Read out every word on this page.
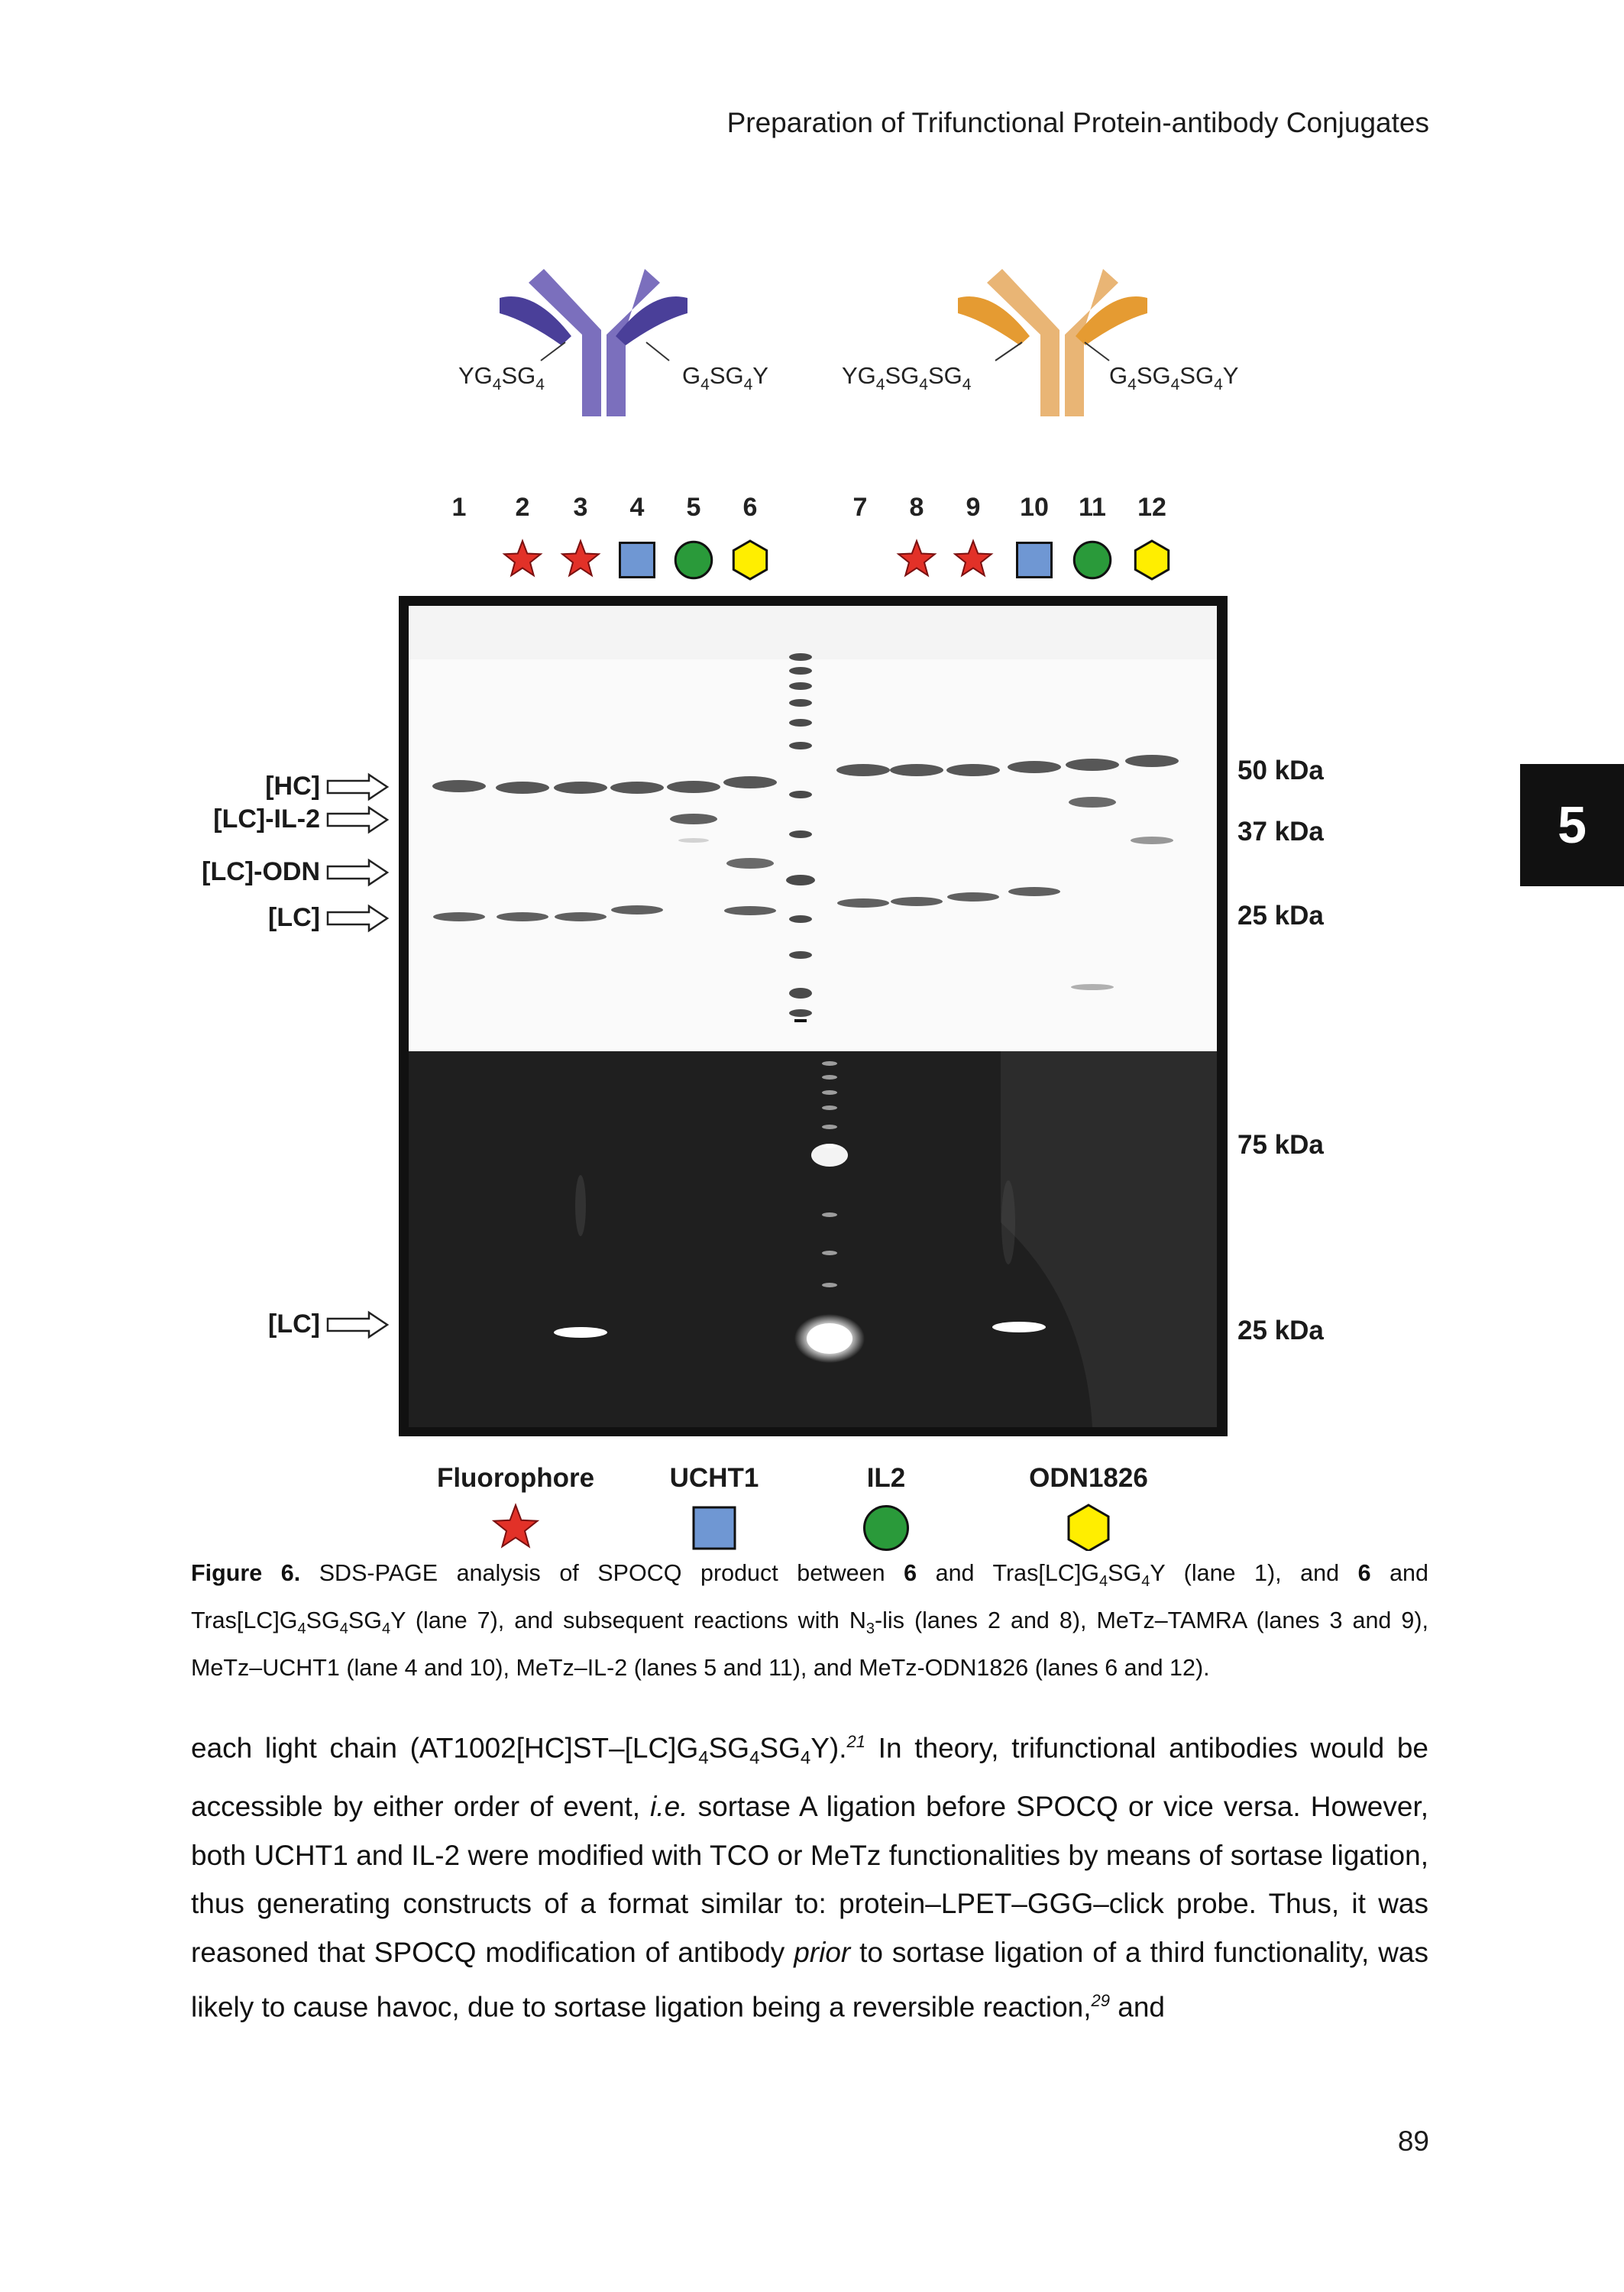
Preparation of Trifunctional Protein-antibody Conjugates
5
$YG_4SG_4$	$G_4SG_4Y$	$YG_4SG_4SG_4$	$G_4SG_4SG_4Y$
1 2 3 4 5 6	7 8 9 10 11 12
[HC]
[LC]-IL-2
[LC]-ODN
[LC]
[LC]
50 kDa
37 kDa
25 kDa
75 kDa
25 kDa
Fluorophore	UCHT1	IL2	ODN1826
Figure 6. SDS-PAGE analysis of SPOCQ product between 6 and $Tras[LC]G_4SG_4Y$ (lane 1), and 6 and $Tras[LC]G_4SG_4SG_4Y$ (lane 7), and subsequent reactions with $N_3$-lis (lanes 2 and 8), MeTz–TAMRA (lanes 3 and 9), MeTz–UCHT1 (lane 4 and 10), MeTz–IL-2 (lanes 5 and 11), and MeTz-ODN1826 (lanes 6 and 12).
each light chain $(AT1002[HC]ST-[LC]G_4SG_4SG_4Y).^{21}$ In theory, trifunctional antibodies would be accessible by either order of event, i.e. sortase A ligation before SPOCQ or vice versa. However, both UCHT1 and IL-2 were modified with TCO or MeTz functionalities by means of sortase ligation, thus generating constructs of a format similar to: protein–LPET–GGG–click probe. Thus, it was reasoned that SPOCQ modification of antibody prior to sortase ligation of a third functionality, was likely to cause havoc, due to sortase ligation being a reversible reaction,$^{29}$ and
89
